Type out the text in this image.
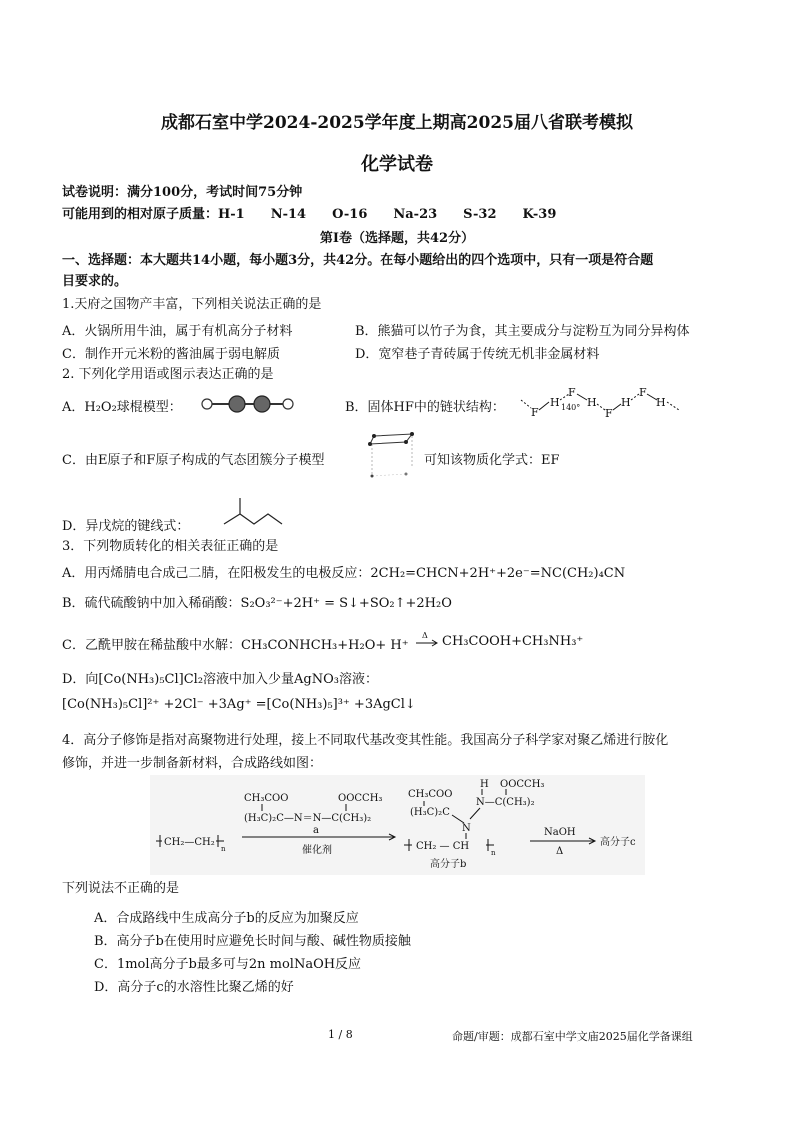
成都石室中学2024-2025学年度上期高2025届八省联考模拟
化学试卷
试卷说明：满分100分，考试时间75分钟
可能用到的相对原子质量：H-1　　N-14　　O-16　　Na-23　　S-32　　K-39
第Ⅰ卷（选择题，共42分）
一、选择题：本大题共14小题，每小题3分，共42分。在每小题给出的四个选项中，只有一项是符合题
目要求的。
1.天府之国物产丰富，下列相关说法正确的是
A．火锅所用牛油，属于有机高分子材料	B．熊猫可以竹子为食，其主要成分与淀粉互为同分异构体
C．制作开元米粉的酱油属于弱电解质	D．宽窄巷子青砖属于传统无机非金属材料
2. 下列化学用语或图示表达正确的是
A．H₂O₂球棍模型：	B．固体HF中的链状结构： F
H
F
H
F
H
F
H
140°
C．由E原子和F原子构成的气态团簇分子模型	可知该物质化学式：EF
D．异戊烷的键线式：
3．下列物质转化的相关表征正确的是
A．用丙烯腈电合成己二腈，在阳极发生的电极反应：2CH₂=CHCN+2H⁺+2e⁻=NC(CH₂)₄CN
B．硫代硫酸钠中加入稀硝酸：S₂O₃²⁻+2H⁺ = S↓+SO₂↑+2H₂O
C．乙酰甲胺在稀盐酸中水解：CH₃CONHCH₃+H₂O+ H⁺
Δ CH₃COOH+CH₃NH₃⁺
D．向[Co(NH₃)₅Cl]Cl₂溶液中加入少量AgNO₃溶液：
[Co(NH₃)₅Cl]²⁺ +2Cl⁻ +3Ag⁺ =[Co(NH₃)₅]³⁺ +3AgCl↓
4．高分子修饰是指对高聚物进行处理，接上不同取代基改变其性能。我国高分子科学家对聚乙烯进行胺化
修饰，并进一步制备新材料，合成路线如图：
CH₂—CH₂
n
CH₃COO	OOCCH₃
(H₃C)₂C—N＝N—C(CH₃)₂
a
催化剂
CH₃COO
H OOCCH₃
N—C(CH₃)₂
(H₃C)₂C
N
CH₂ — CH
n
高分子b
NaOH
Δ
高分子c
下列说法不正确的是
A．合成路线中生成高分子b的反应为加聚反应
B．高分子b在使用时应避免长时间与酸、碱性物质接触
C．1mol高分子b最多可与2n molNaOH反应
D．高分子c的水溶性比聚乙烯的好
1 / 8	命题/审题：成都石室中学文庙2025届化学备课组
